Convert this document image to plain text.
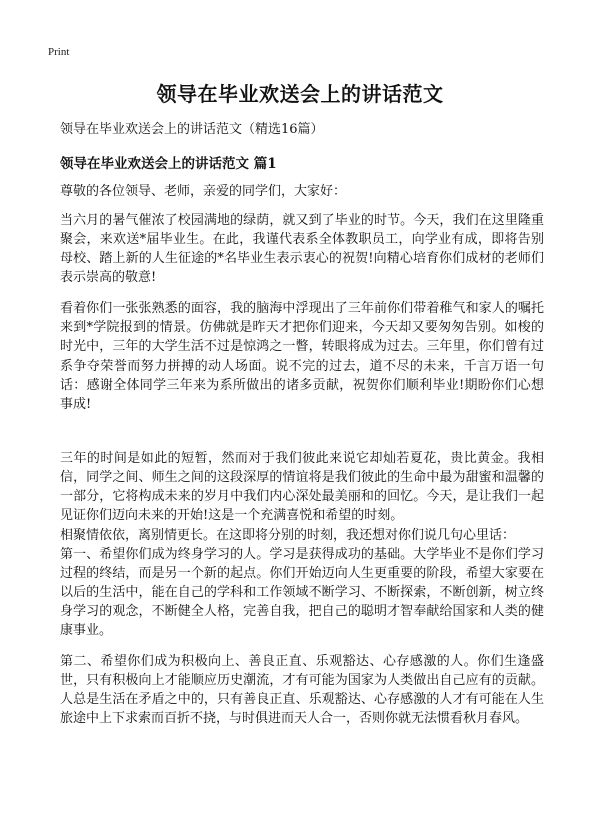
Print
领导在毕业欢送会上的讲话范文

领导在毕业欢送会上的讲话范文（精选16篇）

领导在毕业欢送会上的讲话范文 篇1

尊敬的各位领导、老师，亲爱的同学们，大家好：

当六月的暑气催浓了校园满地的绿荫，就又到了毕业的时节。今天，我们在这里隆重聚会，来欢送*届毕业生。在此，我谨代表系全体教职员工，向学业有成，即将告别母校、踏上新的人生征途的*名毕业生表示衷心的祝贺!向精心培育你们成材的老师们表示崇高的敬意!

看着你们一张张熟悉的面容，我的脑海中浮现出了三年前你们带着稚气和家人的嘱托来到*学院报到的情景。仿佛就是昨天才把你们迎来，今天却又要匆匆告别。如梭的时光中，三年的大学生活不过是惊鸿之一瞥，转眼将成为过去。三年里，你们曾有过

系争夺荣誉而努力拼搏的动人场面。说不完的过去，道不尽的未来，千言万语一句话：感谢全体同学三年来为系所做出的诸多贡献，祝贺你们顺利毕业!期盼你们心想事成!

三年的时间是如此的短暂，然而对于我们彼此来说它却灿若夏花，贵比黄金。我相信，同学之间、师生之间的这段深厚的情谊将是我们彼此的生命中最为甜蜜和温馨的一部分，它将构成未来的岁月中我们内心深处最美丽和的回忆。今天，是让我们一起见证你们迈向未来的开始!这是一个充满喜悦和希望的时刻。

相聚情依依，离别情更长。在这即将分别的时刻，我还想对你们说几句心里话：

第一、希望你们成为终身学习的人。学习是获得成功的基础。大学毕业不是你们学习过程的终结，而是另一个新的起点。你们开始迈向人生更重要的阶段，希望大家要在以后的生活中，能在自己的学科和工作领域不断学习、不断探索，不断创新，树立终身学习的观念，不断健全人格，完善自我，把自己的聪明才智奉献给国家和人类的健康事业。

第二、希望你们成为积极向上、善良正直、乐观豁达、心存感激的人。你们生逢盛世，只有积极向上才能顺应历史潮流，才有可能为国家为人类做出自己应有的贡献。人总是生活在矛盾之中的，只有善良正直、乐观豁达、心存感激的人才有可能在人生旅途中上下求索而百折不挠，与时俱进而天人合一，否则你就无法惯看秋月春风。
